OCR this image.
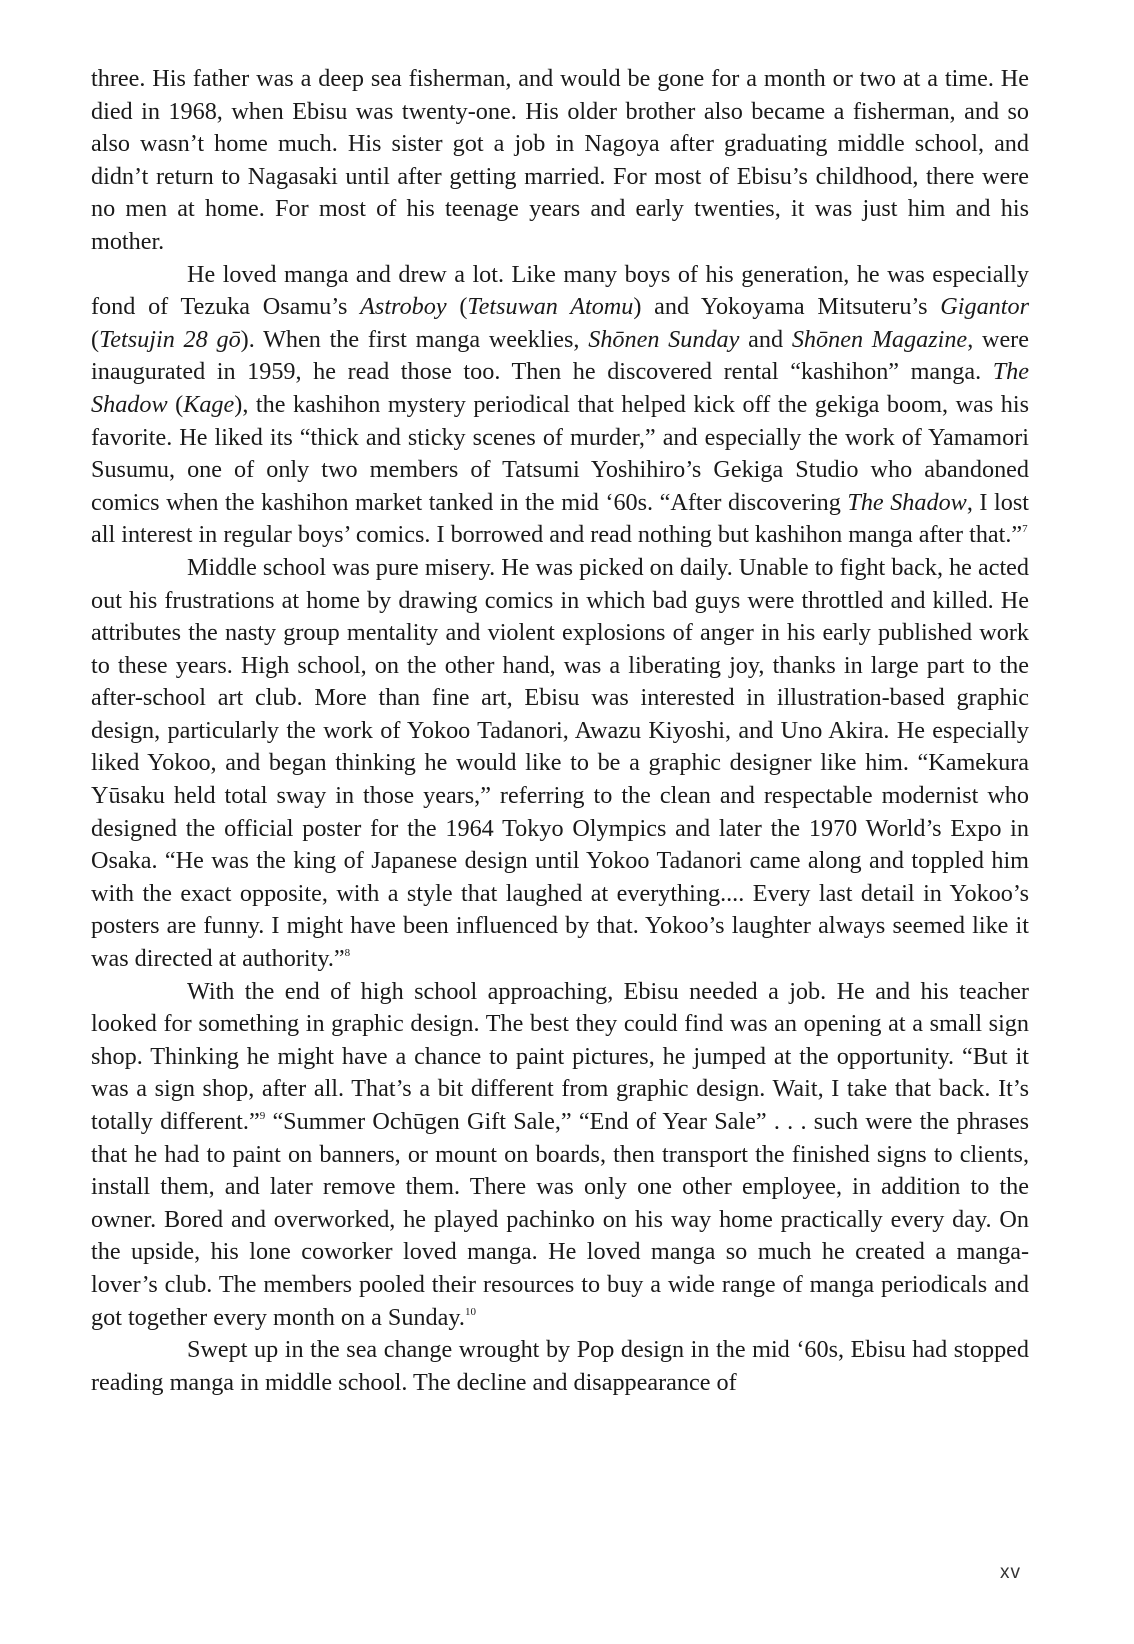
three. His father was a deep sea fisherman, and would be gone for a month or two at a time. He died in 1968, when Ebisu was twenty-one. His older brother also became a fisherman, and so also wasn’t home much. His sister got a job in Nagoya after graduating middle school, and didn’t return to Nagasaki until after getting married. For most of Ebisu’s childhood, there were no men at home. For most of his teenage years and early twenties, it was just him and his mother.

He loved manga and drew a lot. Like many boys of his generation, he was especially fond of Tezuka Osamu’s Astroboy (Tetsuwan Atomu) and Yokoyama Mitsuteru’s Gigantor (Tetsujin 28 gō). When the first manga weeklies, Shōnen Sunday and Shōnen Magazine, were inaugurated in 1959, he read those too. Then he discovered rental “kashihon” manga. The Shadow (Kage), the kashihon mystery periodical that helped kick off the gekiga boom, was his favorite. He liked its “thick and sticky scenes of murder,” and especially the work of Yamamori Susumu, one of only two members of Tatsumi Yoshihiro’s Gekiga Studio who abandoned comics when the kashihon market tanked in the mid ‘60s. “After discovering The Shadow, I lost all interest in regular boys’ comics. I borrowed and read nothing but kashihon manga after that.”$^7$

Middle school was pure misery. He was picked on daily. Unable to fight back, he acted out his frustrations at home by drawing comics in which bad guys were throttled and killed. He attributes the nasty group mentality and violent explosions of anger in his early published work to these years. High school, on the other hand, was a liberating joy, thanks in large part to the after-school art club. More than fine art, Ebisu was interested in illustration-based graphic design, particularly the work of Yokoo Tadanori, Awazu Kiyoshi, and Uno Akira. He especially liked Yokoo, and began thinking he would like to be a graphic designer like him. “Kamekura Yūsaku held total sway in those years,” referring to the clean and respectable modernist who designed the official poster for the 1964 Tokyo Olympics and later the 1970 World’s Expo in Osaka. “He was the king of Japanese design until Yokoo Tadanori came along and toppled him with the exact opposite, with a style that laughed at everything.... Every last detail in Yokoo’s posters are funny. I might have been influenced by that. Yokoo’s laughter always seemed like it was directed at authority.”$^8$

With the end of high school approaching, Ebisu needed a job. He and his teacher looked for something in graphic design. The best they could find was an opening at a small sign shop. Thinking he might have a chance to paint pictures, he jumped at the opportunity. “But it was a sign shop, after all. That’s a bit different from graphic design. Wait, I take that back. It’s totally different.”$^9$ “Summer Ochūgen Gift Sale,” “End of Year Sale” . . . such were the phrases that he had to paint on banners, or mount on boards, then transport the finished signs to clients, install them, and later remove them. There was only one other employee, in addition to the owner. Bored and overworked, he played pachinko on his way home practically every day. On the upside, his lone coworker loved manga. He loved manga so much he created a manga-lover’s club. The members pooled their resources to buy a wide range of manga periodicals and got together every month on a Sunday.$^{10}$

Swept up in the sea change wrought by Pop design in the mid ‘60s, Ebisu had stopped reading manga in middle school. The decline and disappearance of

xv
